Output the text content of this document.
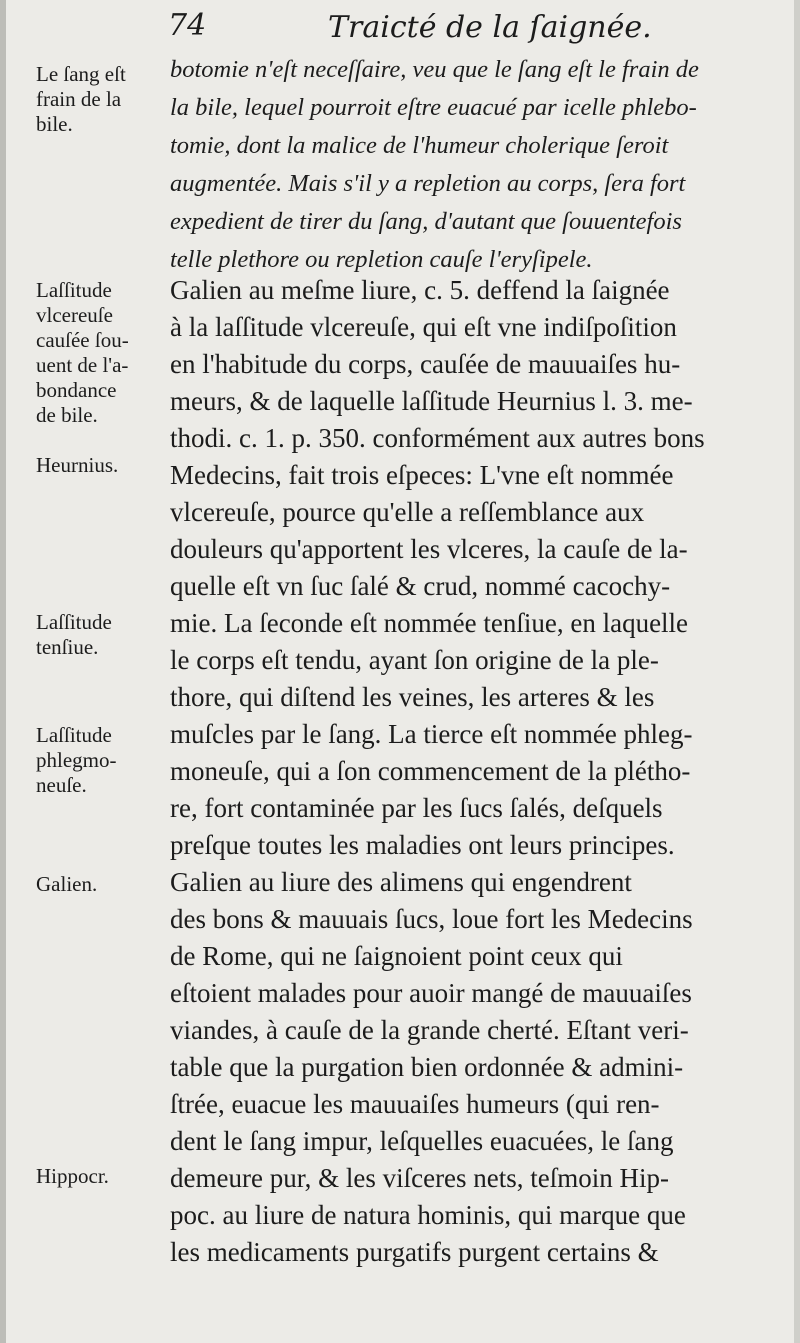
74	Traicté de la ſaignée.
Le ſang eſt
frain de la
bile.
Laſſitude
vlcereuſe
cauſée ſou-
uent de l'a-
bondance
de bile.
Heurnius.
Laſſitude
tenſiue.
Laſſitude
phlegmo-
neuſe.
Galien.
Hippocr.
botomie n'eſt neceſſaire, veu que le ſang eſt le frain de
la bile, lequel pourroit eſtre euacué par icelle phlebo-
tomie, dont la malice de l'humeur cholerique ſeroit
augmentée. Mais s'il y a repletion au corps, ſera fort
expedient de tirer du ſang, d'autant que ſouuentefois
telle plethore ou repletion cauſe l'eryſipele.
Galien au meſme liure, c. 5. deffend la ſaignée
à la laſſitude vlcereuſe, qui eſt vne indiſpoſition
en l'habitude du corps, cauſée de mauuaiſes hu-
meurs, & de laquelle laſſitude Heurnius l. 3. me-
thodi. c. 1. p. 350. conformément aux autres bons
Medecins, fait trois eſpeces: L'vne eſt nommée
vlcereuſe, pource qu'elle a reſſemblance aux
douleurs qu'apportent les vlceres, la cauſe de la-
quelle eſt vn ſuc ſalé & crud, nommé cacochy-
mie. La ſeconde eſt nommée tenſiue, en laquelle
le corps eſt tendu, ayant ſon origine de la ple-
thore, qui diſtend les veines, les arteres & les
muſcles par le ſang. La tierce eſt nommée phleg-
moneuſe, qui a ſon commencement de la plétho-
re, fort contaminée par les ſucs ſalés, deſquels
preſque toutes les maladies ont leurs principes.
Galien au liure des alimens qui engendrent
des bons & mauuais ſucs, loue fort les Medecins
de Rome, qui ne ſaignoient point ceux qui
eſtoient malades pour auoir mangé de mauuaiſes
viandes, à cauſe de la grande cherté. Eſtant veri-
table que la purgation bien ordonnée & admini-
ſtrée, euacue les mauuaiſes humeurs (qui ren-
dent le ſang impur, leſquelles euacuées, le ſang
demeure pur, & les viſceres nets, teſmoin Hip-
poc. au liure de natura hominis, qui marque que
les medicaments purgatifs purgent certains &
